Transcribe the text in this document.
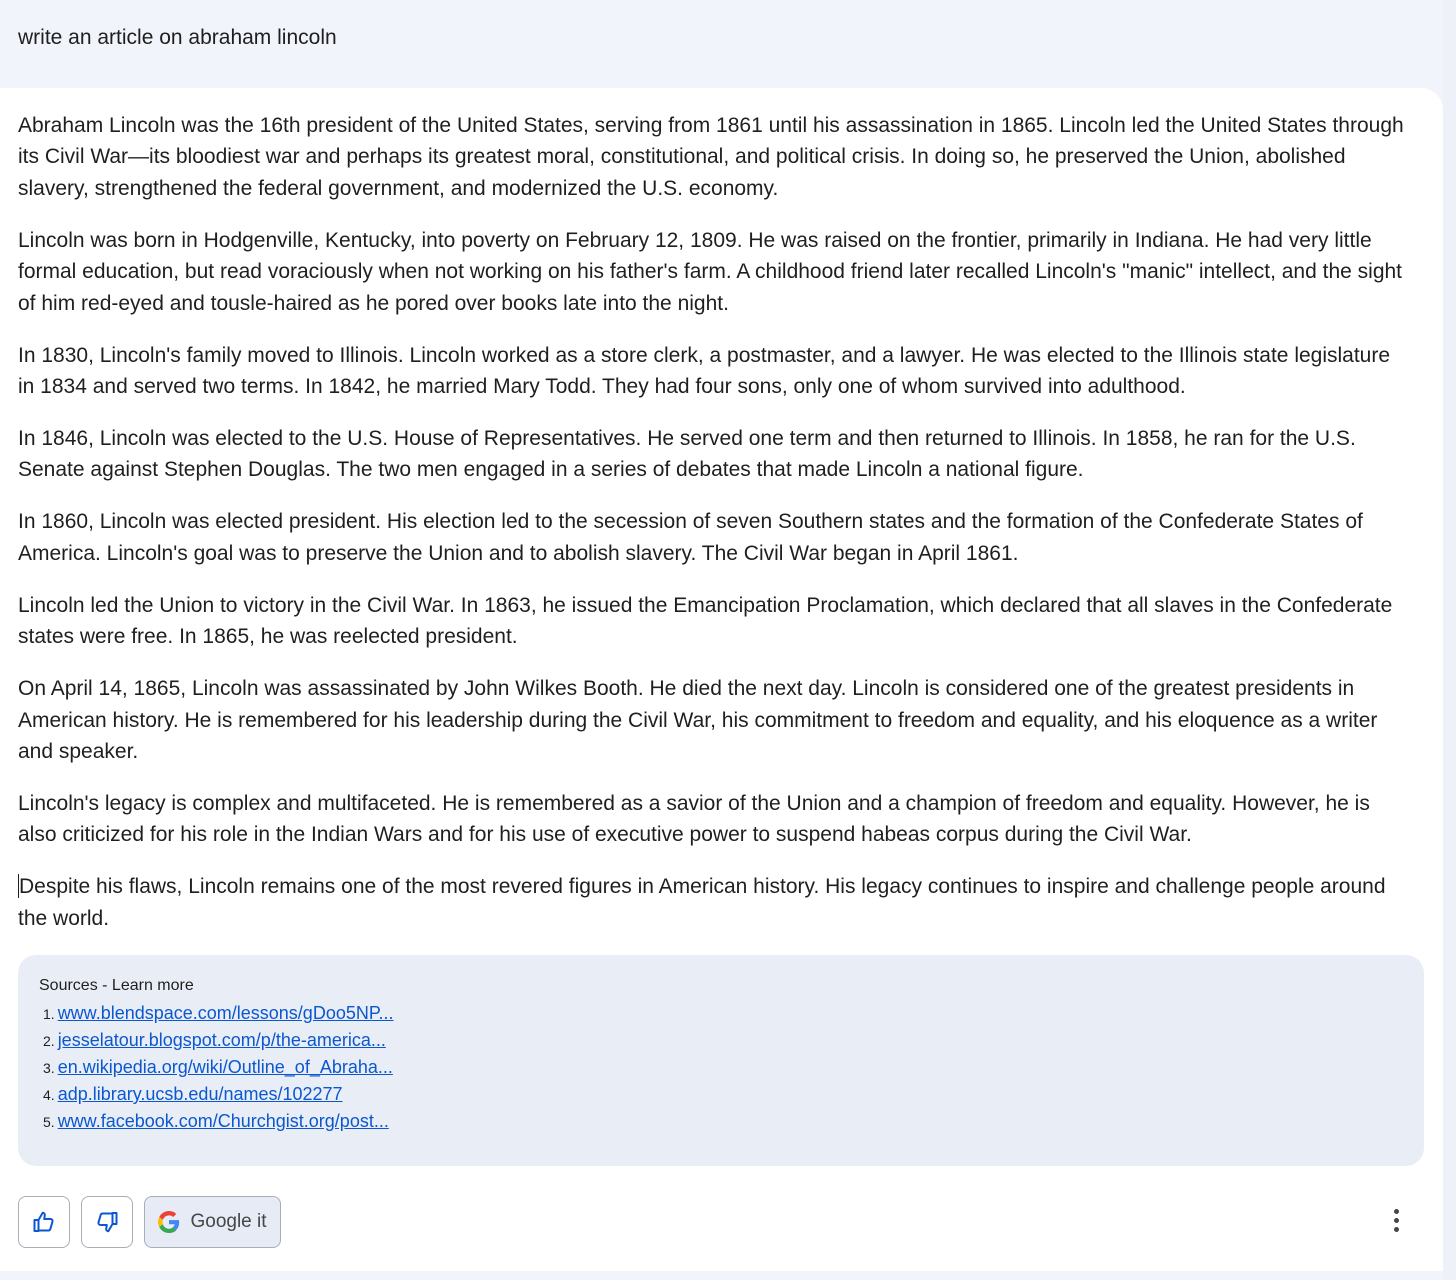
write an article on abraham lincoln

Abraham Lincoln was the 16th president of the United States, serving from 1861 until his assassination in 1865. Lincoln led the United States through its Civil War—its bloodiest war and perhaps its greatest moral, constitutional, and political crisis. In doing so, he preserved the Union, abolished slavery, strengthened the federal government, and modernized the U.S. economy.

Lincoln was born in Hodgenville, Kentucky, into poverty on February 12, 1809. He was raised on the frontier, primarily in Indiana. He had very little formal education, but read voraciously when not working on his father's farm. A childhood friend later recalled Lincoln's "manic" intellect, and the sight of him red-eyed and tousle-haired as he pored over books late into the night.

In 1830, Lincoln's family moved to Illinois. Lincoln worked as a store clerk, a postmaster, and a lawyer. He was elected to the Illinois state legislature in 1834 and served two terms. In 1842, he married Mary Todd. They had four sons, only one of whom survived into adulthood.

In 1846, Lincoln was elected to the U.S. House of Representatives. He served one term and then returned to Illinois. In 1858, he ran for the U.S. Senate against Stephen Douglas. The two men engaged in a series of debates that made Lincoln a national figure.

In 1860, Lincoln was elected president. His election led to the secession of seven Southern states and the formation of the Confederate States of America. Lincoln's goal was to preserve the Union and to abolish slavery. The Civil War began in April 1861.

Lincoln led the Union to victory in the Civil War. In 1863, he issued the Emancipation Proclamation, which declared that all slaves in the Confederate states were free. In 1865, he was reelected president.

On April 14, 1865, Lincoln was assassinated by John Wilkes Booth. He died the next day. Lincoln is considered one of the greatest presidents in American history. He is remembered for his leadership during the Civil War, his commitment to freedom and equality, and his eloquence as a writer and speaker.

Lincoln's legacy is complex and multifaceted. He is remembered as a savior of the Union and a champion of freedom and equality. However, he is also criticized for his role in the Indian Wars and for his use of executive power to suspend habeas corpus during the Civil War.

Despite his flaws, Lincoln remains one of the most revered figures in American history. His legacy continues to inspire and challenge people around the world.

Sources - Learn more
1. www.blendspace.com/lessons/gDoo5NP...
2. jesselatour.blogspot.com/p/the-america...
3. en.wikipedia.org/wiki/Outline_of_Abraha...
4. adp.library.ucsb.edu/names/102277
5. www.facebook.com/Churchgist.org/post...
Google it
